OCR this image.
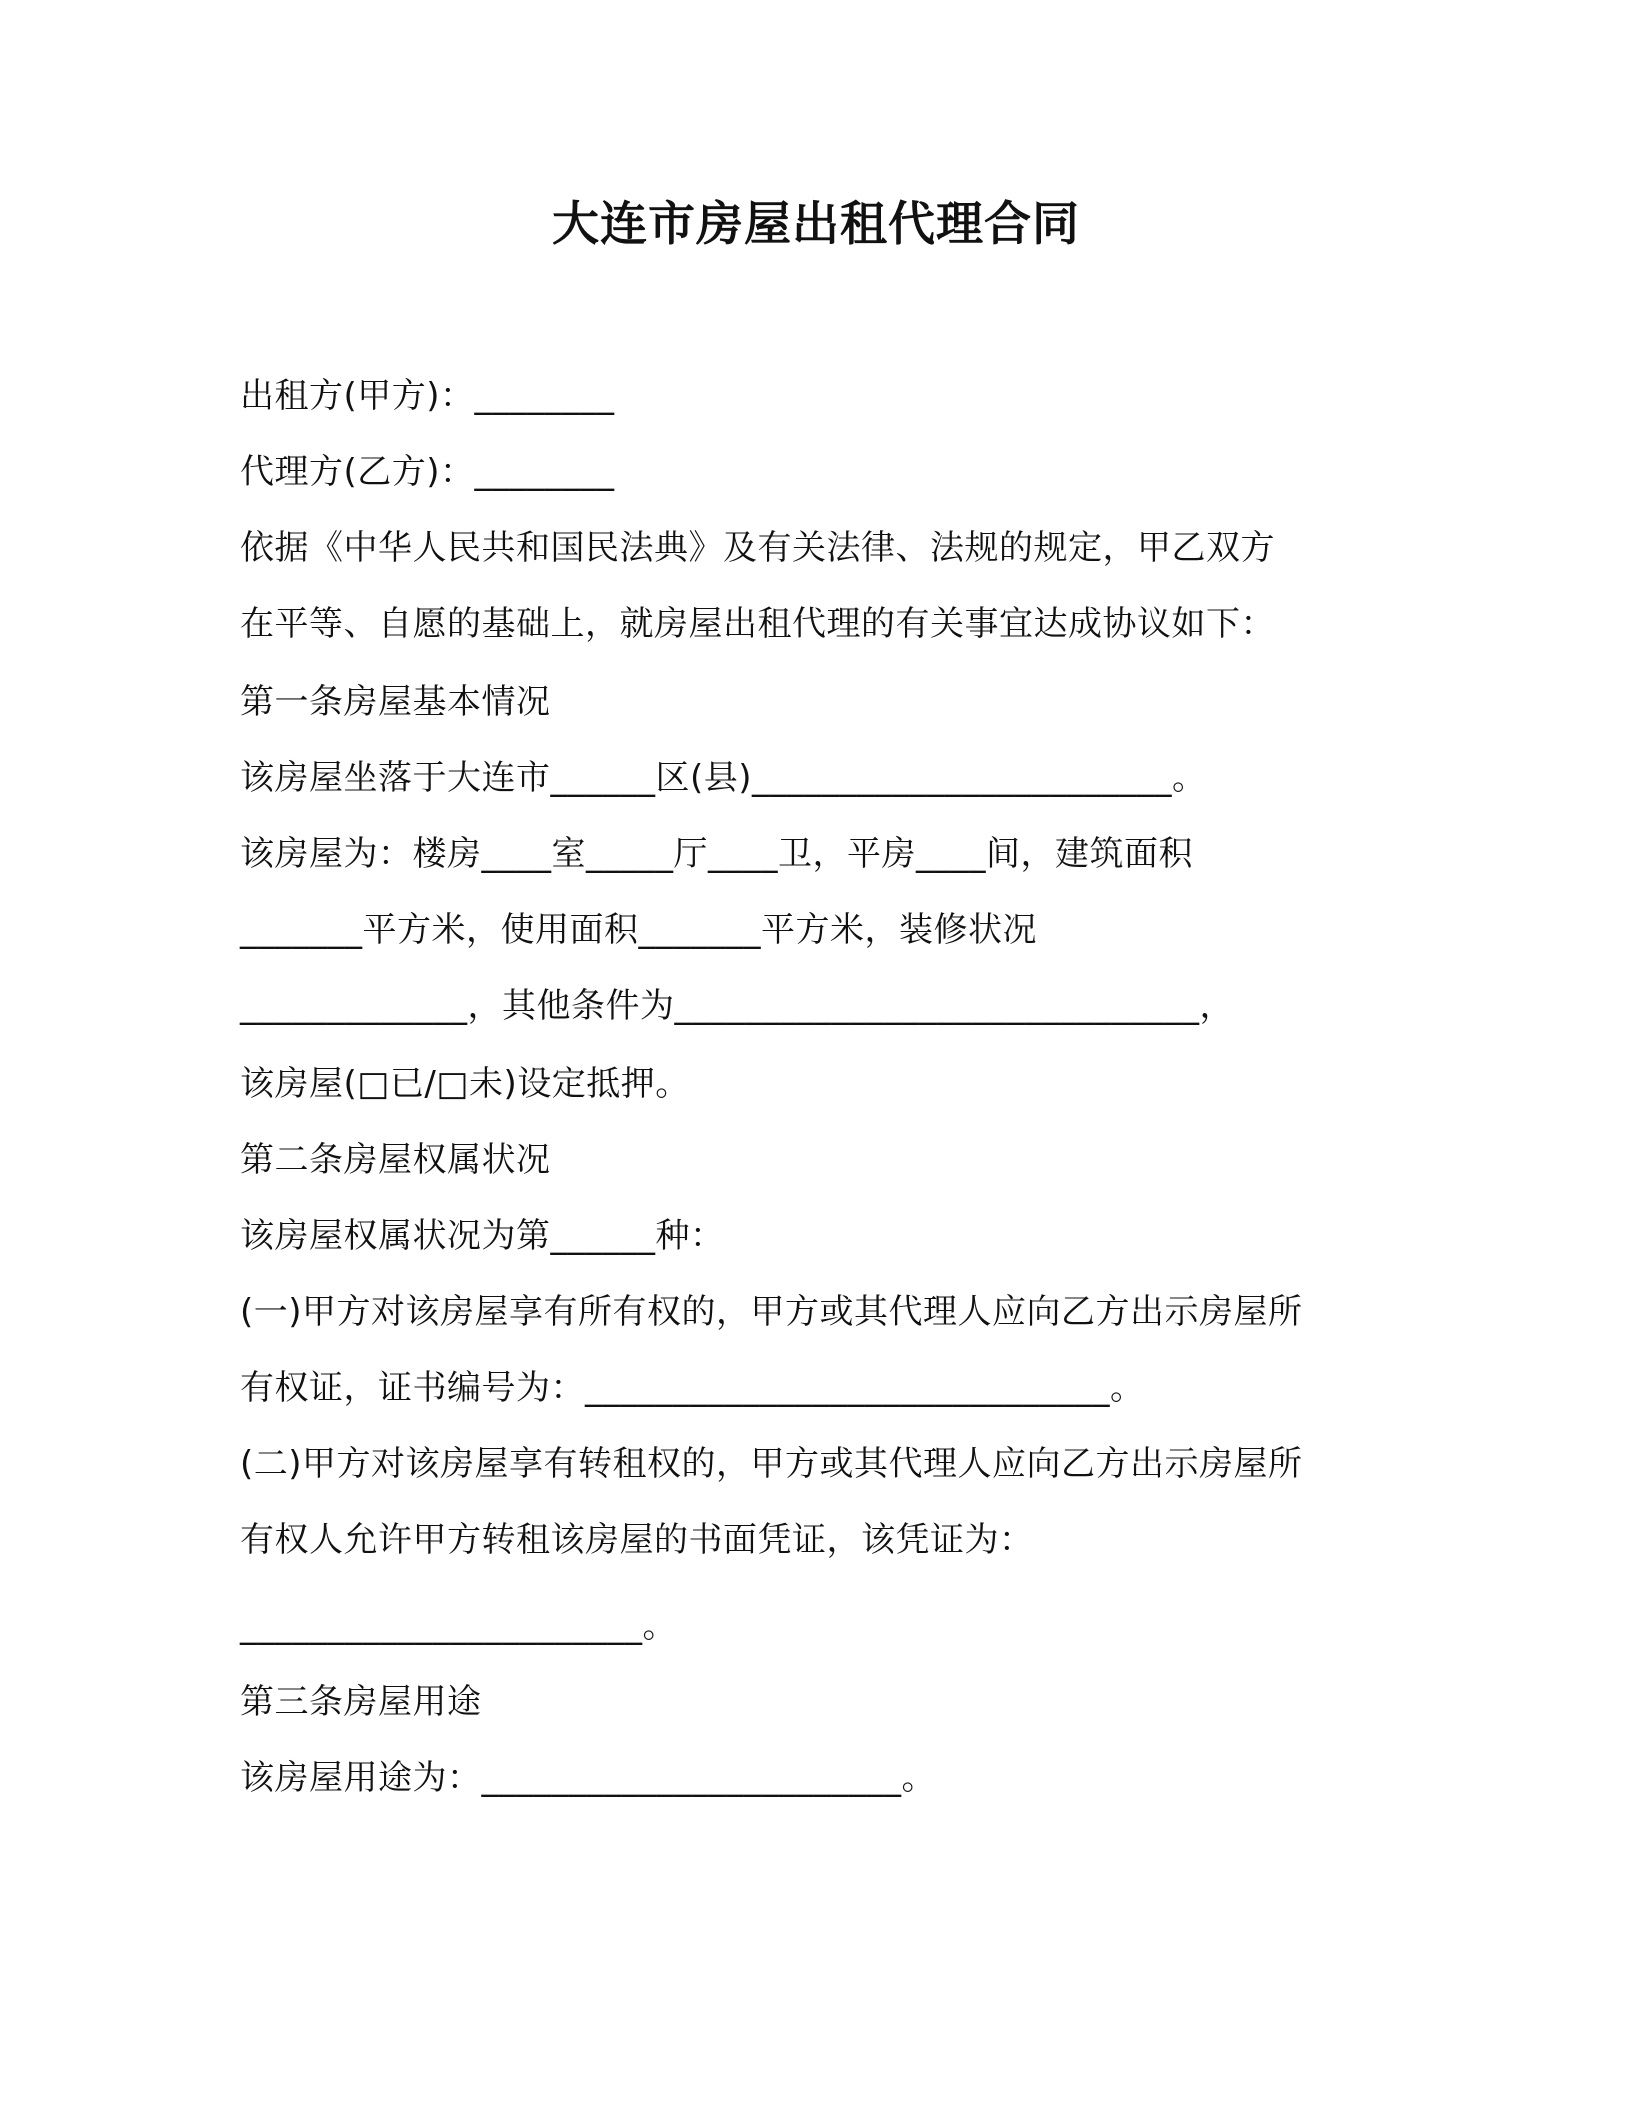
大连市房屋出租代理合同
出租方(甲方)：________
代理方(乙方)：________
依据《中华人民共和国民法典》及有关法律、法规的规定，甲乙双方
在平等、自愿的基础上，就房屋出租代理的有关事宜达成协议如下：
第一条房屋基本情况
该房屋坐落于大连市______区(县)________________________。
该房屋为：楼房____室_____厅____卫，平房____间，建筑面积
_______平方米，使用面积_______平方米，装修状况
_____________，其他条件为______________________________，
该房屋(□已/□未)设定抵押。
第二条房屋权属状况
该房屋权属状况为第______种：
(一)甲方对该房屋享有所有权的，甲方或其代理人应向乙方出示房屋所
有权证，证书编号为：______________________________。
(二)甲方对该房屋享有转租权的，甲方或其代理人应向乙方出示房屋所
有权人允许甲方转租该房屋的书面凭证，该凭证为：
_______________________。
第三条房屋用途
该房屋用途为：________________________。
